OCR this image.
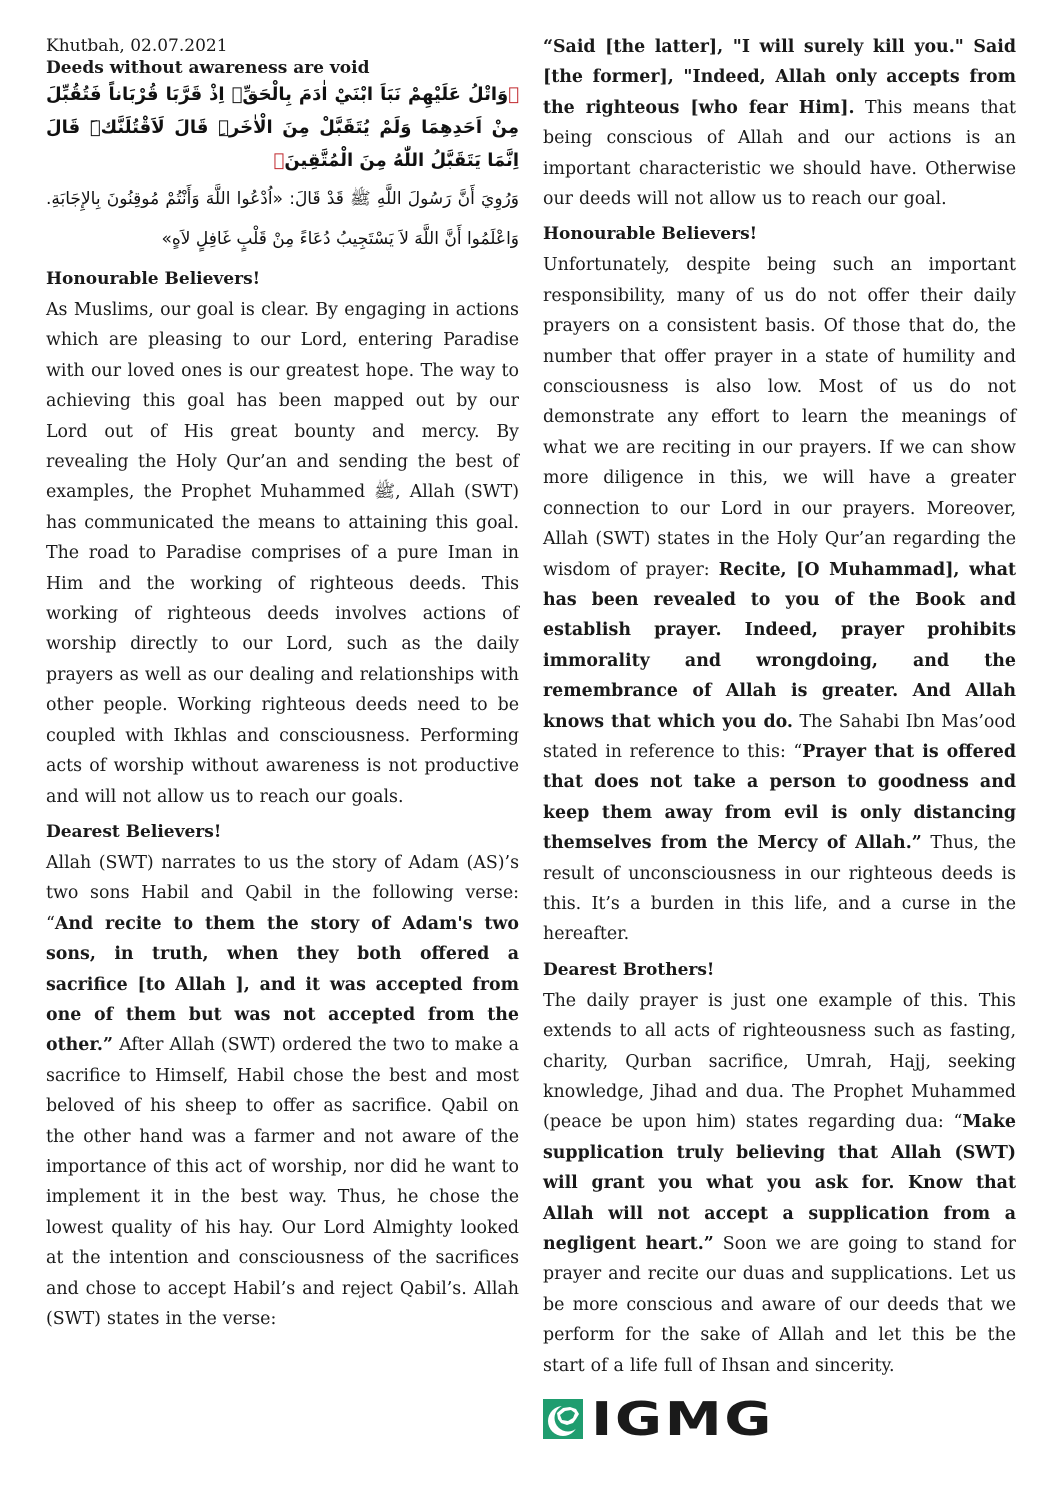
Khutbah, 02.07.2021

Deeds without awareness are void

﴾وَاتْلُ عَلَيْهِمْ نَبَاَ ابْنَيْ اٰدَمَ بِالْحَقِّۢ اِذْ قَرَّبَا قُرْبَاناً فَتُقُبِّلَ مِنْ اَحَدِهِمَا وَلَمْ يُتَقَبَّلْ مِنَ الْاٰخَرِۜ قَالَ لَاَقْتُلَنَّكَۜ قَالَ اِنَّمَا يَتَقَبَّلُ اللّٰهُ مِنَ الْمُتَّقِينَ﴿

وَرُوِيَ أَنَّ رَسُولَ اللَّهِ ﷺ قَدْ قَالَ: «اُدْعُوا اللَّهَ وَأَنْتُمْ مُوقِنُونَ بِالإِجَابَةِ. وَاعْلَمُوا أَنَّ اللَّهَ لاَ يَسْتَجِيبُ دُعَاءً مِنْ قَلْبٍ غَافِلٍ لاَهٍ»

Honourable Believers!

As Muslims, our goal is clear. By engaging in actions which are pleasing to our Lord, entering Paradise with our loved ones is our greatest hope. The way to achieving this goal has been mapped out by our Lord out of His great bounty and mercy. By revealing the Holy Qur’an and sending the best of examples, the Prophet Muhammed ﷺ, Allah (SWT) has communicated the means to attaining this goal. The road to Paradise comprises of a pure Iman in Him and the working of righteous deeds. This working of righteous deeds involves actions of worship directly to our Lord, such as the daily prayers as well as our dealing and relationships with other people. Working righteous deeds need to be coupled with Ikhlas and consciousness. Performing acts of worship without awareness is not productive and will not allow us to reach our goals.

Dearest Believers!

Allah (SWT) narrates to us the story of Adam (AS)’s two sons Habil and Qabil in the following verse: “And recite to them the story of Adam's two sons, in truth, when they both offered a sacrifice [to Allah ], and it was accepted from one of them but was not accepted from the other.” After Allah (SWT) ordered the two to make a sacrifice to Himself, Habil chose the best and most beloved of his sheep to offer as sacrifice. Qabil on the other hand was a farmer and not aware of the importance of this act of worship, nor did he want to implement it in the best way. Thus, he chose the lowest quality of his hay. Our Lord Almighty looked at the intention and consciousness of the sacrifices and chose to accept Habil’s and reject Qabil’s. Allah (SWT) states in the verse:

“Said [the latter], "I will surely kill you." Said [the former], "Indeed, Allah only accepts from the righteous [who fear Him]. This means that being conscious of Allah and our actions is an important characteristic we should have. Otherwise our deeds will not allow us to reach our goal.

Honourable Believers!

Unfortunately, despite being such an important responsibility, many of us do not offer their daily prayers on a consistent basis. Of those that do, the number that offer prayer in a state of humility and consciousness is also low. Most of us do not demonstrate any effort to learn the meanings of what we are reciting in our prayers. If we can show more diligence in this, we will have a greater connection to our Lord in our prayers. Moreover, Allah (SWT) states in the Holy Qur’an regarding the wisdom of prayer: Recite, [O Muhammad], what has been revealed to you of the Book and establish prayer. Indeed, prayer prohibits immorality and wrongdoing, and the remembrance of Allah is greater. And Allah knows that which you do. The Sahabi Ibn Mas’ood stated in reference to this: “Prayer that is offered that does not take a person to goodness and keep them away from evil is only distancing themselves from the Mercy of Allah.” Thus, the result of unconsciousness in our righteous deeds is this. It’s a burden in this life, and a curse in the hereafter.

Dearest Brothers!

The daily prayer is just one example of this. This extends to all acts of righteousness such as fasting, charity, Qurban sacrifice, Umrah, Hajj, seeking knowledge, Jihad and dua. The Prophet Muhammed (peace be upon him) states regarding dua: “Make supplication truly believing that Allah (SWT) will grant you what you ask for. Know that Allah will not accept a supplication from a negligent heart.” Soon we are going to stand for prayer and recite our duas and supplications. Let us be more conscious and aware of our deeds that we perform for the sake of Allah and let this be the start of a life full of Ihsan and sincerity.

IGMG
